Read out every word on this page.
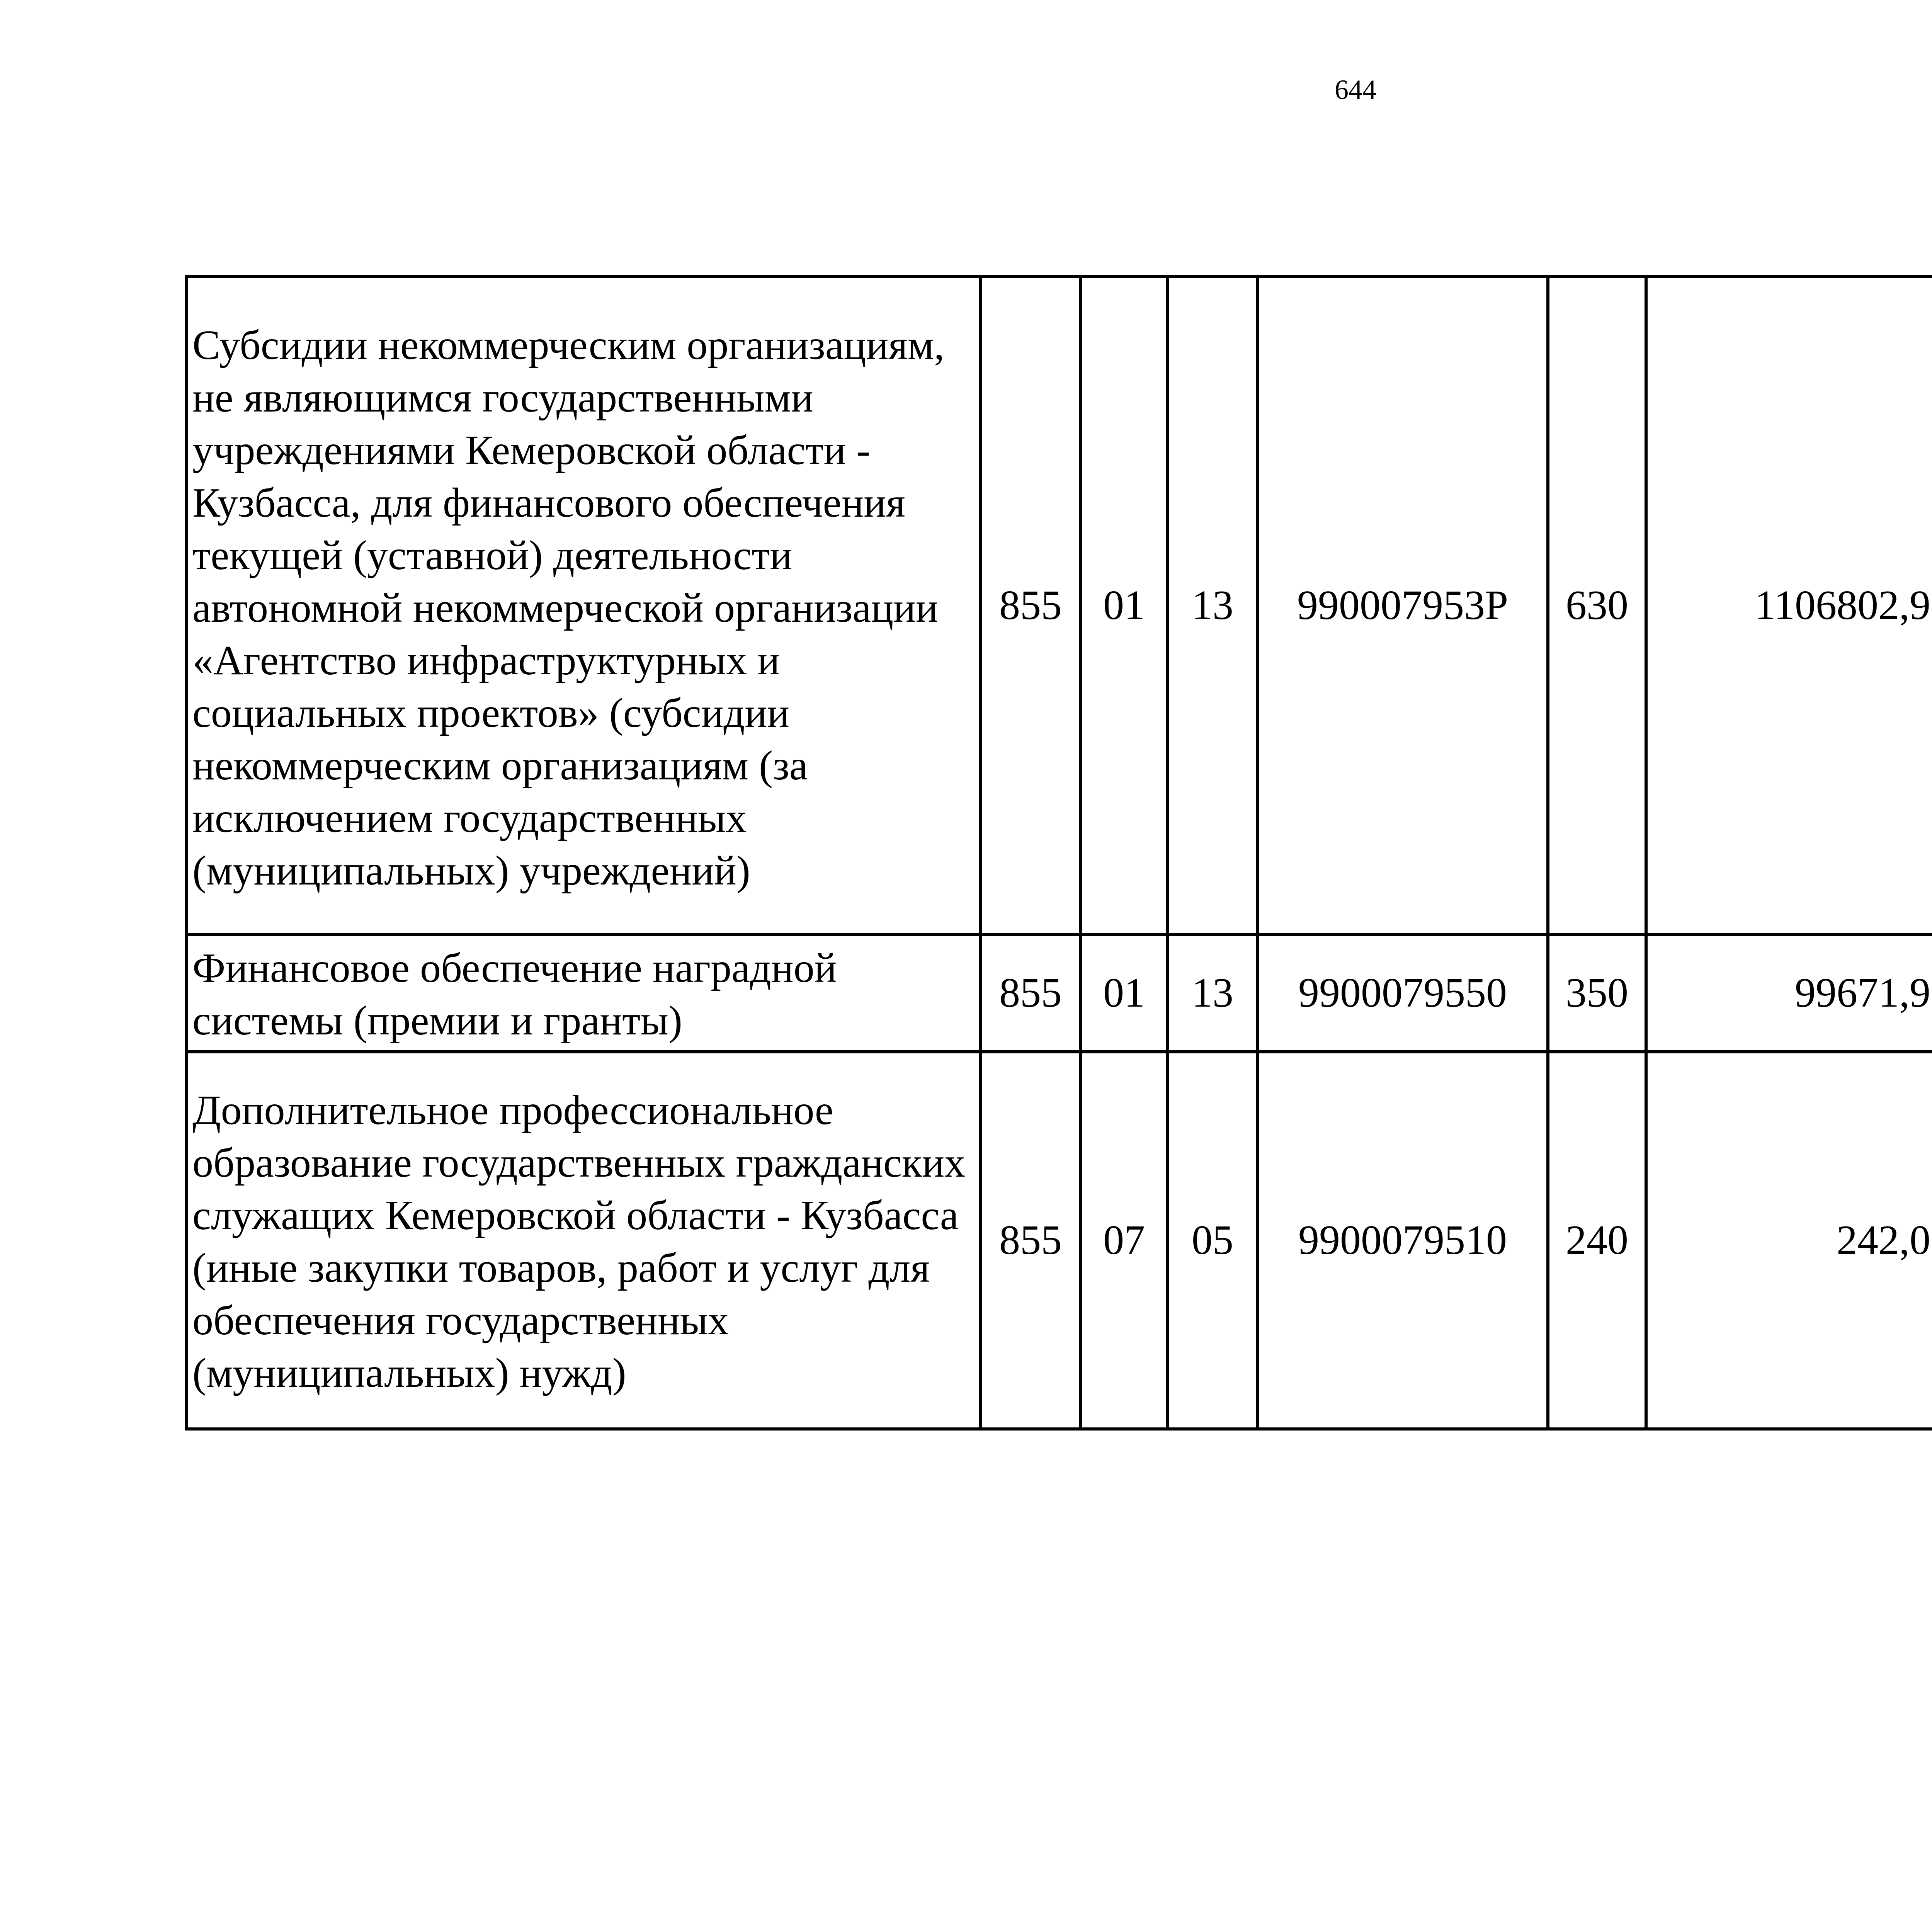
644
Субсидии некоммерческим организациям, не являющимся государственными учреждениями Кемеровской области - Кузбасса, для финансового обеспечения текущей (уставной) деятельности автономной некоммерческой организации «Агентство инфраструктурных и социальных проектов» (субсидии некоммерческим организациям (за исключением государственных (муниципальных) учреждений)	855	01	13	990007953Р	630	1106802,9		

Финансовое обеспечение наградной системы (премии и гранты)	855	01	13	9900079550	350	99671,9		

Дополнительное профессиональное образование государственных гражданских служащих Кемеровской области - Кузбасса (иные закупки товаров, работ и услуг для обеспечения государственных (муниципальных) нужд)	855	07	05	9900079510	240	242,0		
